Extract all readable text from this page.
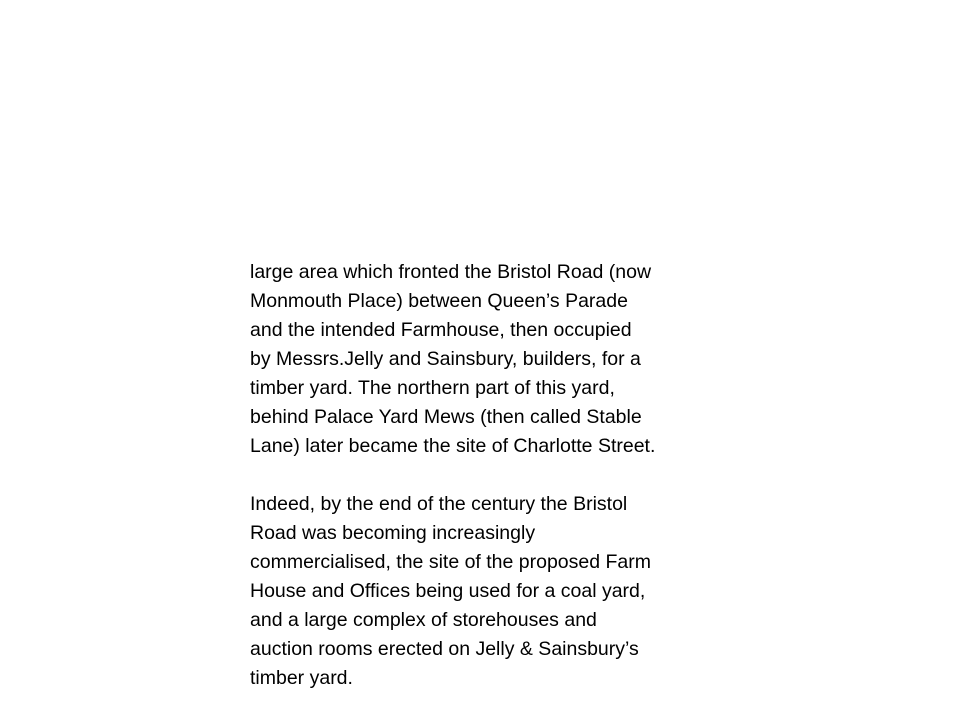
large area which fronted the Bristol Road (now
Monmouth Place) between Queen’s Parade
and the intended Farmhouse, then occupied
by Messrs.Jelly and Sainsbury, builders, for a
timber yard. The northern part of this yard,
behind Palace Yard Mews (then called Stable
Lane) later became the site of Charlotte Street.

Indeed, by the end of the century the Bristol
Road was becoming increasingly
commercialised, the site of the proposed Farm
House and Offices being used for a coal yard,
and a large complex of storehouses and
auction rooms erected on Jelly & Sainsbury’s
timber yard.
